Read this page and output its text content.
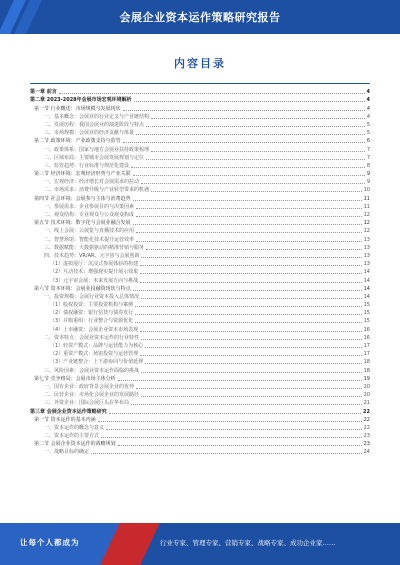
会展企业资本运作策略研究报告
内容目录
第一章 前言	4
第二章 2023-2028年会展市场宏观环境解析	4
第一节 行业概述：市场规模与发展现状	4
一、基本概念：会展业的行业定义与产业链结构	4
二、发展历程：我国会展业的演进阶段与特点	5
三、市场规模：会展业的经济贡献与体量	5
第二节 政策环境：产业政策支持与监管	6
一、政策体系：国家与地方会展业扶持政策梳理	7
二、区域布局：主要城市会展发展规划与定位	7
三、监管趋势：行业标准与规范化建设	8
第三节 经济环境：宏观经济形势与产业关联	9
一、宏观经济：经济增长对会展需求的拉动	9
二、市场需求：消费升级与产业转型带来的机遇	10
第四节 社会环境：会展参与主体与消费趋势	11
一、参展需求：企业参展目的与决策因素	11
二、观众结构：专业观众与公众观众构成	12
第五节 技术环境：数字化与会展业融合发展	12
一、线上会展：云展览与直播技术的应用	12
二、智慧场馆：智能化技术提升运营效率	13
三、数据赋能：大数据驱动的精准营销与服务	13
四、技术趋势：VR/AR、元宇宙与会展创新	13
（1）虚拟展厅：沉浸式参展体验的构建	13
（2）互动技术：增强现实提升展示效果	14
（3）元宇宙会展：未来发展方向与挑战	14
第六节 资本环境：会展业投融资现状与特点	14
一、投资规模：会展行业资本投入总体情况	14
（1）股权投资：主要投资机构与案例	15
（2）债权融资：银行信贷与债券发行	15
（3）并购重组：行业整合与资源优化	15
（4）上市融资：会展企业资本市场表现	16
二、资本特点：会展业资本运作的行业特性	16
（1）轻资产模式：品牌与运营能力为核心	17
（2）重资产模式：场馆投资与运营管理	17
（3）产业链整合：上下游协同与价值延伸	18
三、风险因素：会展业资本运作面临的挑战	18
第七节 竞争格局：会展市场主体分析	19
一、国有企业：政府背景会展企业的优势	20
二、民营企业：市场化会展企业的发展路径	20
三、外资企业：国际会展巨头在华布局	21
第三章 会展企业资本运作策略研究	22
第一节 资本运作的基本内涵	22
一、资本运作的概念与意义	22
二、资本运作的主要方式	23
第二节 会展企业资本运作的战略规划	23
一、战略目标的确定	24
让每个人都成为	行业专家、管理专家、营销专家、战略专家、成功企业家……
